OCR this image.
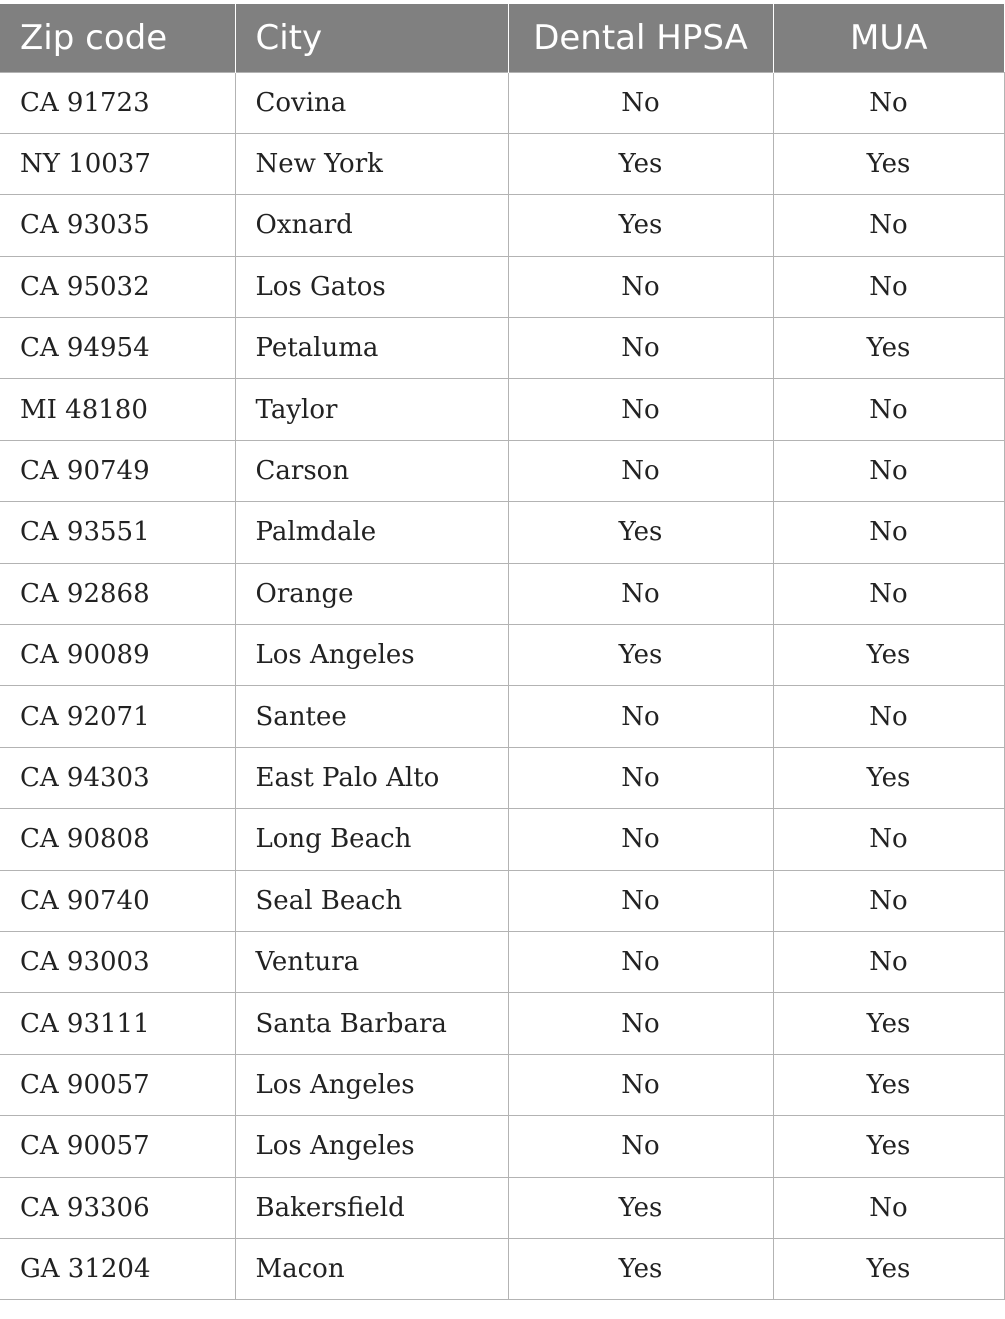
Zip code	City	Dental HPSA	MUA
CA 91723	Covina	No	No
NY 10037	New York	Yes	Yes
CA 93035	Oxnard	Yes	No
CA 95032	Los Gatos	No	No
CA 94954	Petaluma	No	Yes
MI 48180	Taylor	No	No
CA 90749	Carson	No	No
CA 93551	Palmdale	Yes	No
CA 92868	Orange	No	No
CA 90089	Los Angeles	Yes	Yes
CA 92071	Santee	No	No
CA 94303	East Palo Alto	No	Yes
CA 90808	Long Beach	No	No
CA 90740	Seal Beach	No	No
CA 93003	Ventura	No	No
CA 93111	Santa Barbara	No	Yes
CA 90057	Los Angeles	No	Yes
CA 90057	Los Angeles	No	Yes
CA 93306	Bakersfield	Yes	No
GA 31204	Macon	Yes	Yes
